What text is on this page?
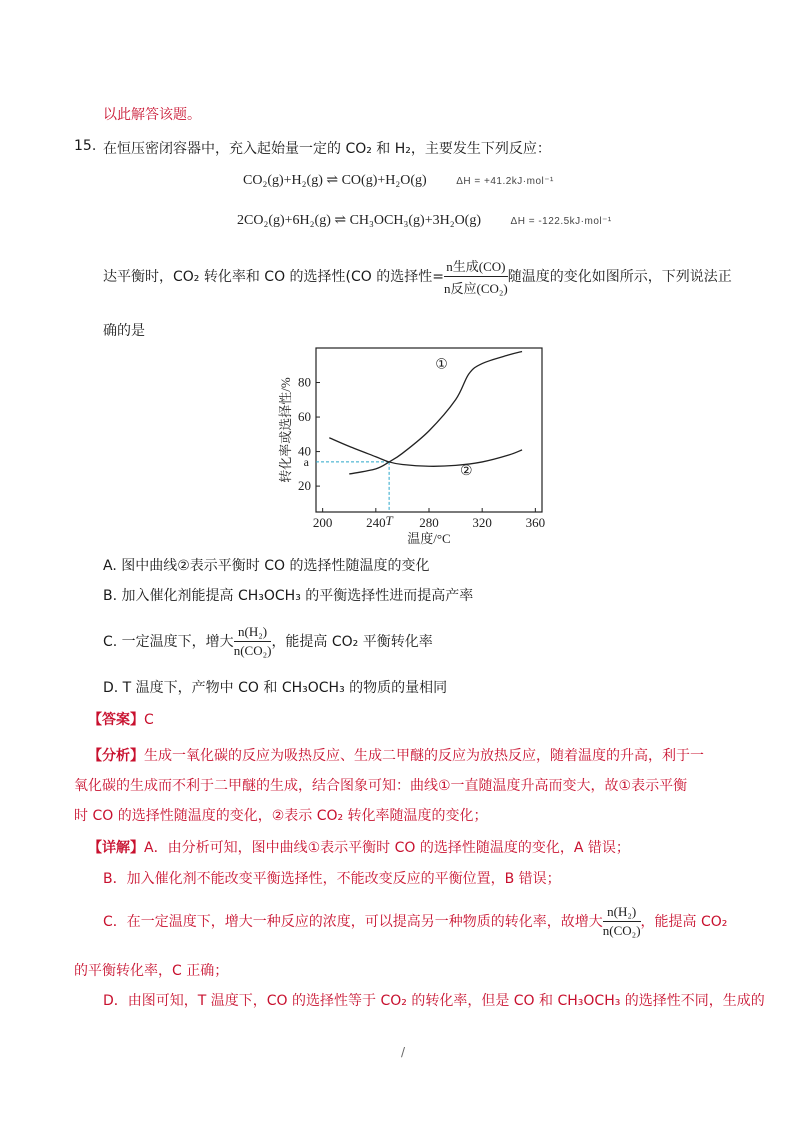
以此解答该题。
15. 在恒压密闭容器中，充入起始量一定的 CO₂ 和 H₂，主要发生下列反应：
CO₂(g)+H₂(g) ⇌ CO(g)+H₂O(g)	ΔH = +41.2kJ·mol⁻¹
2CO₂(g)+6H₂(g) ⇌ CH₃OCH₃(g)+3H₂O(g)	ΔH = -122.5kJ·mol⁻¹
达平衡时，CO₂ 转化率和 CO 的选择性(CO 的选择性= $\frac{\text{n生成(CO)}}{\text{n反应(CO₂)}}$ 随温度的变化如图所示，下列说法正
确的是
200	240	280	320	360
20
40
60
80
温度/°C
转化率或选择性/% a
T
①
②
A. 图中曲线②表示平衡时 CO 的选择性随温度的变化
B. 加入催化剂能提高 CH₃OCH₃ 的平衡选择性进而提高产率
C. 一定温度下，增大 $\frac{\text{n(H₂)}}{\text{n(CO₂)}}$ ，能提高 CO₂ 平衡转化率
D. T 温度下，产物中 CO 和 CH₃OCH₃ 的物质的量相同
【答案】C
【分析】生成一氧化碳的反应为吸热反应、生成二甲醚的反应为放热反应，随着温度的升高，利于一
氧化碳的生成而不利于二甲醚的生成，结合图象可知：曲线①一直随温度升高而变大，故①表示平衡
时 CO 的选择性随温度的变化，②表示 CO₂ 转化率随温度的变化；
【详解】A．由分析可知，图中曲线①表示平衡时 CO 的选择性随温度的变化，A 错误；
B．加入催化剂不能改变平衡选择性，不能改变反应的平衡位置，B 错误；
C．在一定温度下，增大一种反应的浓度，可以提高另一种物质的转化率，故增大 $\frac{\text{n(H₂)}}{\text{n(CO₂)}}$ ，能提高 CO₂
的平衡转化率，C 正确；
D．由图可知，T 温度下，CO 的选择性等于 CO₂ 的转化率，但是 CO 和 CH₃OCH₃ 的选择性不同，生成的
/
